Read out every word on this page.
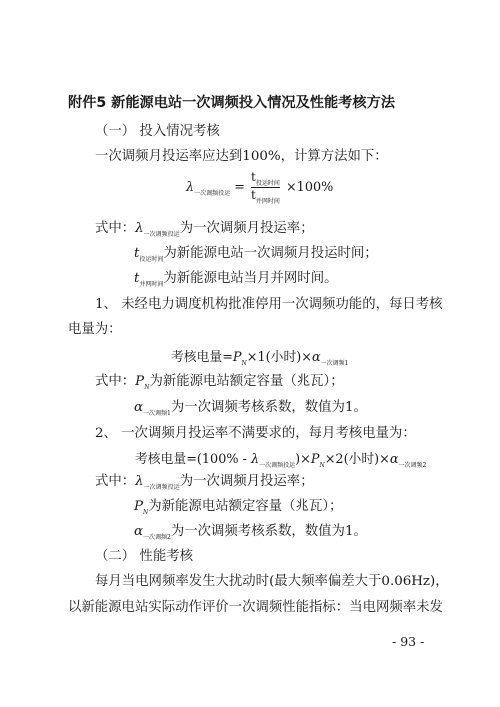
附件5 新能源电站一次调频投入情况及性能考核方法
（一） 投入情况考核
一次调频月投运率应达到100%，计算方法如下：
$\lambda_{一次调频投运} = \frac{t_{投运时间}}{t_{并网时间}} \times 100\%$
式中：$\lambda_{一次调频投运}$为一次调频月投运率；
$t_{投运时间}$为新能源电站一次调频月投运时间；
$t_{并网时间}$为新能源电站当月并网时间。
1、 未经电力调度机构批准停用一次调频功能的，每日考核
电量为：
考核电量$=P_N\times 1$(小时)$\times\alpha_{一次调频1}$
式中：$P_N$为新能源电站额定容量（兆瓦）；
$\alpha_{一次调频1}$为一次调频考核系数，数值为1。
2、 一次调频月投运率不满要求的，每月考核电量为：
考核电量$=(100\% - \lambda_{一次调频投运})\times P_N\times 2$(小时)$\times\alpha_{一次调频2}$
式中：$\lambda_{一次调频投运}$为一次调频月投运率；
$P_N$为新能源电站额定容量（兆瓦）；
$\alpha_{一次调频2}$为一次调频考核系数，数值为1。
（二） 性能考核
每月当电网频率发生大扰动时(最大频率偏差大于0.06Hz)，
以新能源电站实际动作评价一次调频性能指标：当电网频率未发
- 93 -
